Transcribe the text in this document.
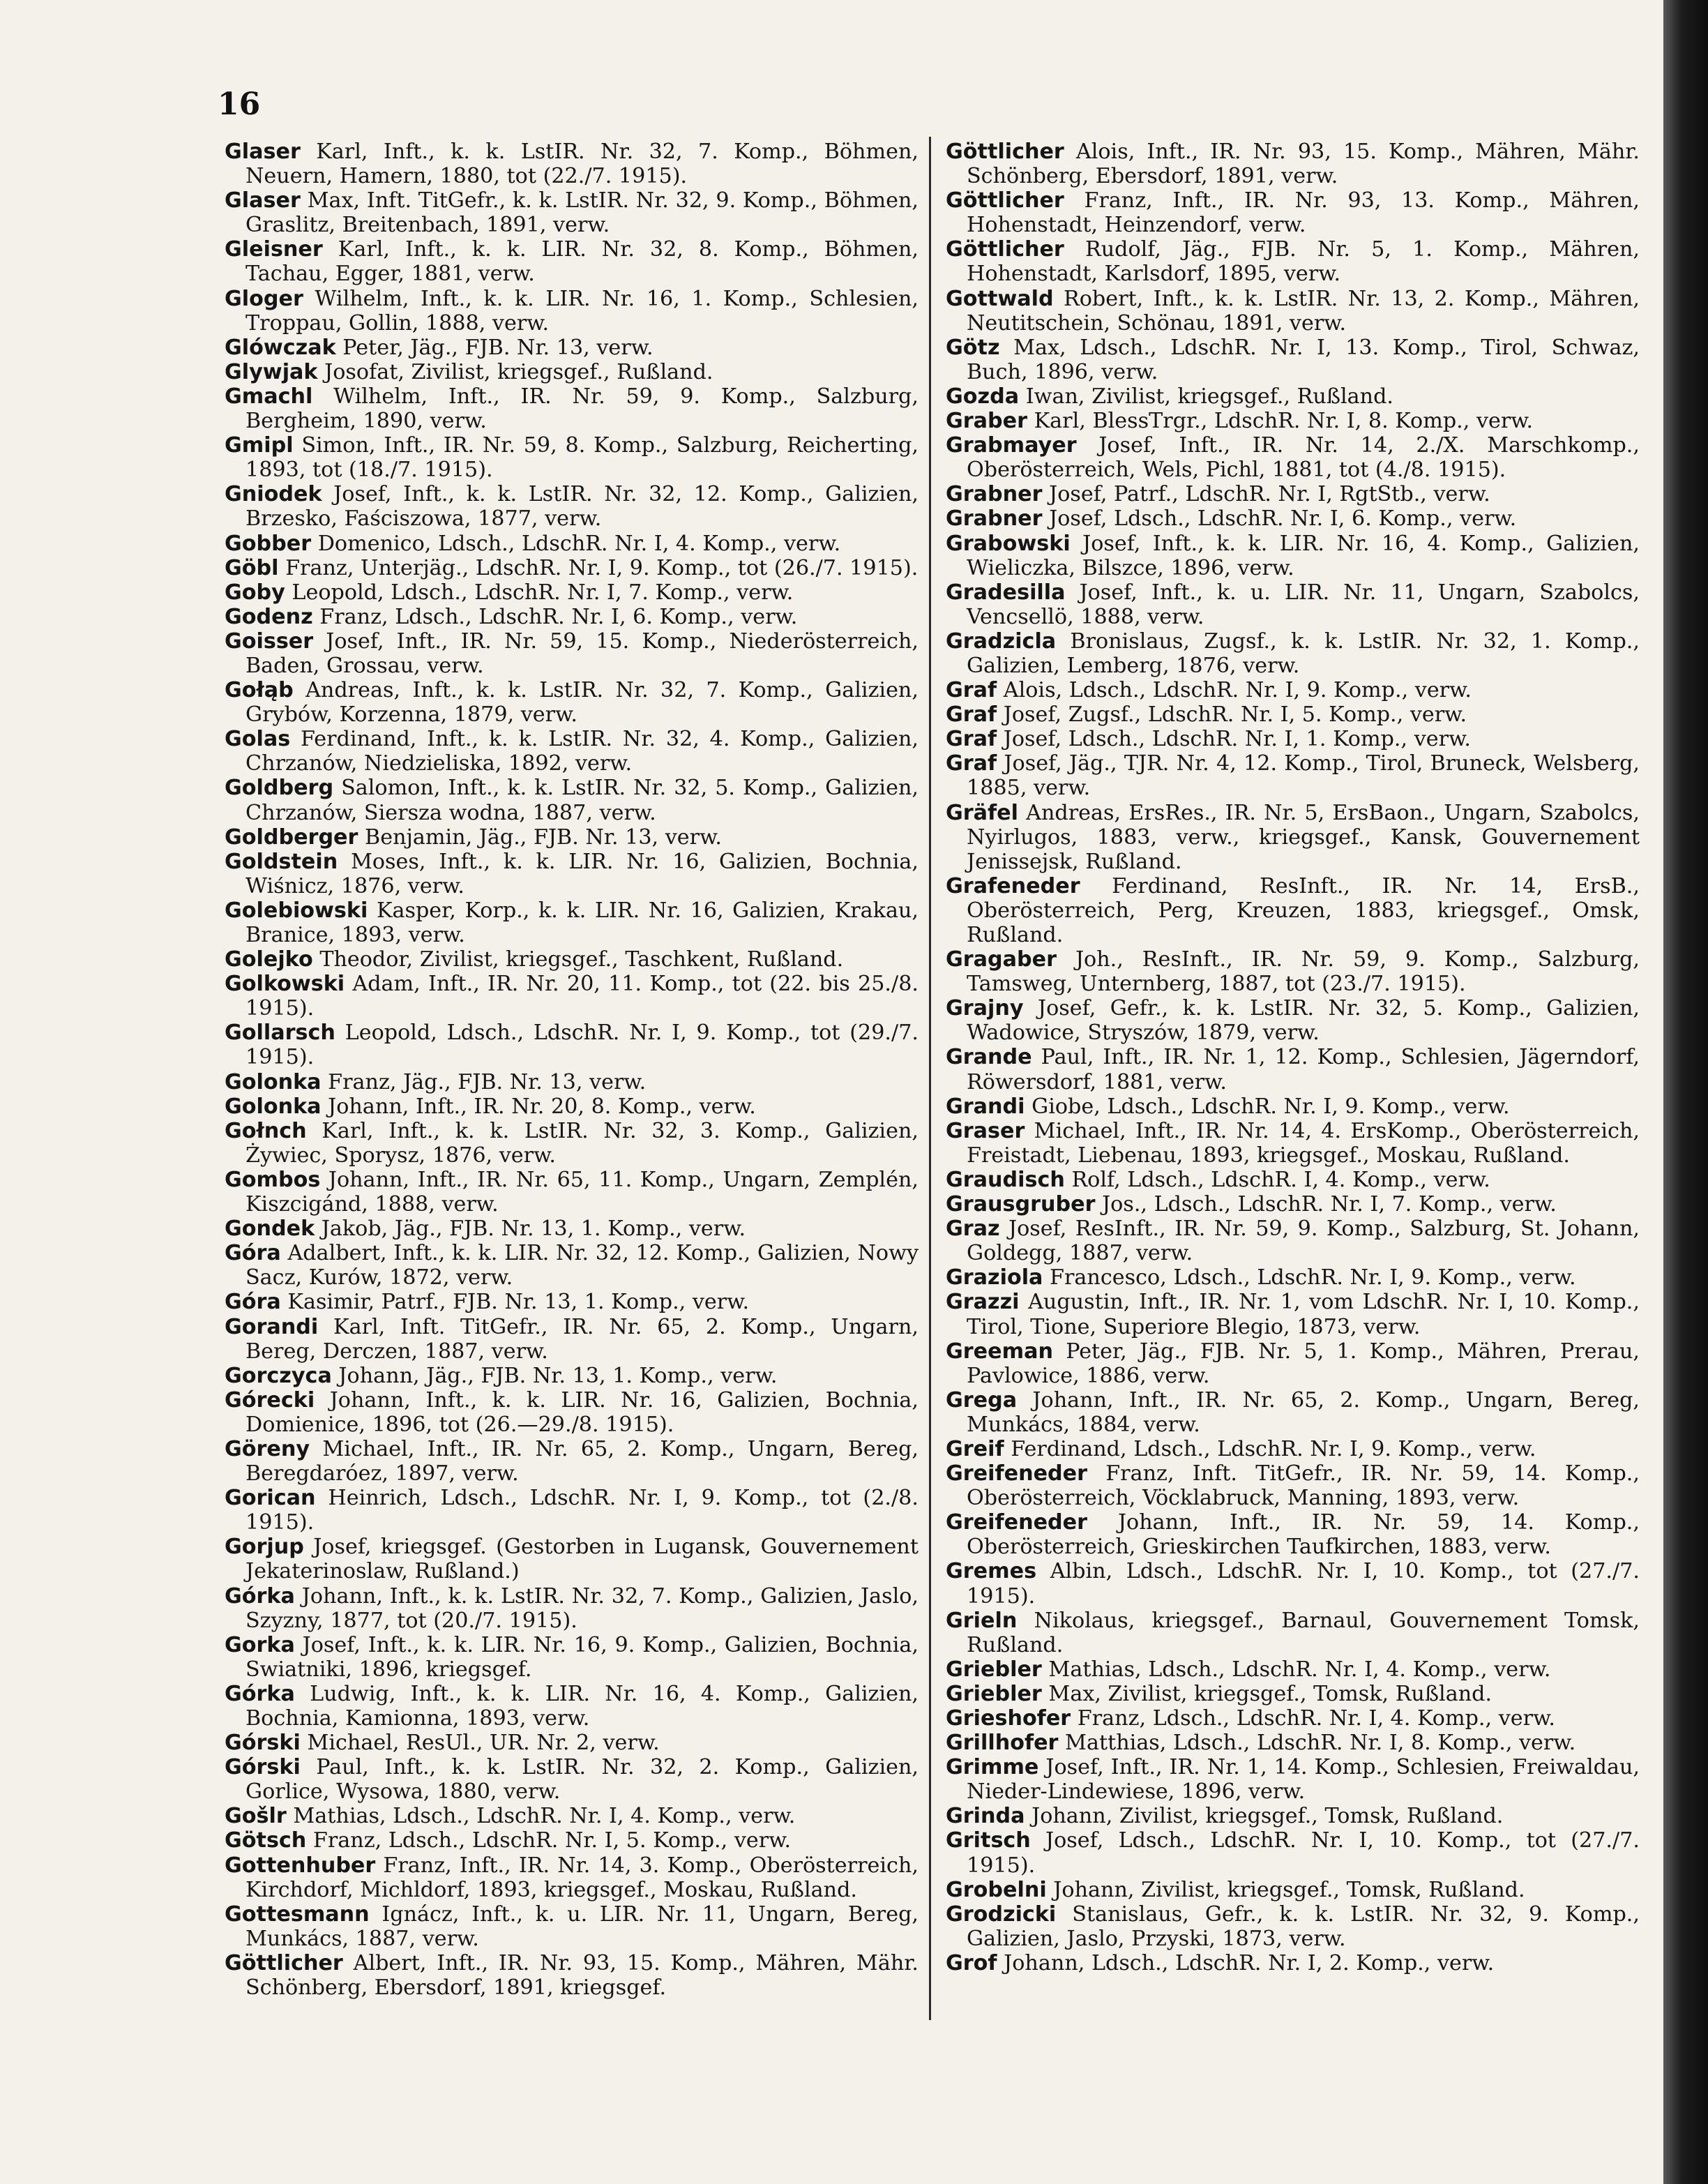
16

Glaser Karl, Inft., k. k. LstIR. Nr. 32, 7. Komp., Böhmen, Neuern, Hamern, 1880, tot (22./7. 1915).

Glaser Max, Inft. TitGefr., k. k. LstIR. Nr. 32, 9. Komp., Böhmen, Graslitz, Breitenbach, 1891, verw.

Gleisner Karl, Inft., k. k. LIR. Nr. 32, 8. Komp., Böhmen, Tachau, Egger, 1881, verw.

Gloger Wilhelm, Inft., k. k. LIR. Nr. 16, 1. Komp., Schlesien, Troppau, Gollin, 1888, verw.

Glówczak Peter, Jäg., FJB. Nr. 13, verw.

Glywjak Josofat, Zivilist, kriegsgef., Rußland.

Gmachl Wilhelm, Inft., IR. Nr. 59, 9. Komp., Salzburg, Bergheim, 1890, verw.

Gmipl Simon, Inft., IR. Nr. 59, 8. Komp., Salzburg, Reicherting, 1893, tot (18./7. 1915).

Gniodek Josef, Inft., k. k. LstIR. Nr. 32, 12. Komp., Galizien, Brzesko, Faściszowa, 1877, verw.

Gobber Domenico, Ldsch., LdschR. Nr. I, 4. Komp., verw.

Göbl Franz, Unterjäg., LdschR. Nr. I, 9. Komp., tot (26./7. 1915).

Goby Leopold, Ldsch., LdschR. Nr. I, 7. Komp., verw.

Godenz Franz, Ldsch., LdschR. Nr. I, 6. Komp., verw.

Goisser Josef, Inft., IR. Nr. 59, 15. Komp., Niederösterreich, Baden, Grossau, verw.

Gołąb Andreas, Inft., k. k. LstIR. Nr. 32, 7. Komp., Galizien, Grybów, Korzenna, 1879, verw.

Golas Ferdinand, Inft., k. k. LstIR. Nr. 32, 4. Komp., Galizien, Chrzanów, Niedzieliska, 1892, verw.

Goldberg Salomon, Inft., k. k. LstIR. Nr. 32, 5. Komp., Galizien, Chrzanów, Siersza wodna, 1887, verw.

Goldberger Benjamin, Jäg., FJB. Nr. 13, verw.

Goldstein Moses, Inft., k. k. LIR. Nr. 16, Galizien, Bochnia, Wiśnicz, 1876, verw.

Golebiowski Kasper, Korp., k. k. LIR. Nr. 16, Galizien, Krakau, Branice, 1893, verw.

Golejko Theodor, Zivilist, kriegsgef., Taschkent, Rußland.

Golkowski Adam, Inft., IR. Nr. 20, 11. Komp., tot (22. bis 25./8. 1915).

Gollarsch Leopold, Ldsch., LdschR. Nr. I, 9. Komp., tot (29./7. 1915).

Golonka Franz, Jäg., FJB. Nr. 13, verw.

Golonka Johann, Inft., IR. Nr. 20, 8. Komp., verw.

Gołnch Karl, Inft., k. k. LstIR. Nr. 32, 3. Komp., Galizien, Żywiec, Sporysz, 1876, verw.

Gombos Johann, Inft., IR. Nr. 65, 11. Komp., Ungarn, Zemplén, Kiszcigánd, 1888, verw.

Gondek Jakob, Jäg., FJB. Nr. 13, 1. Komp., verw.

Góra Adalbert, Inft., k. k. LIR. Nr. 32, 12. Komp., Galizien, Nowy Sacz, Kurów, 1872, verw.

Góra Kasimir, Patrf., FJB. Nr. 13, 1. Komp., verw.

Gorandi Karl, Inft. TitGefr., IR. Nr. 65, 2. Komp., Ungarn, Bereg, Derczen, 1887, verw.

Gorczyca Johann, Jäg., FJB. Nr. 13, 1. Komp., verw.

Górecki Johann, Inft., k. k. LIR. Nr. 16, Galizien, Bochnia, Domienice, 1896, tot (26.—29./8. 1915).

Göreny Michael, Inft., IR. Nr. 65, 2. Komp., Ungarn, Bereg, Beregdaróez, 1897, verw.

Gorican Heinrich, Ldsch., LdschR. Nr. I, 9. Komp., tot (2./8. 1915).

Gorjup Josef, kriegsgef. (Gestorben in Lugansk, Gouvernement Jekaterinoslaw, Rußland.)

Górka Johann, Inft., k. k. LstIR. Nr. 32, 7. Komp., Galizien, Jaslo, Szyzny, 1877, tot (20./7. 1915).

Gorka Josef, Inft., k. k. LIR. Nr. 16, 9. Komp., Galizien, Bochnia, Swiatniki, 1896, kriegsgef.

Górka Ludwig, Inft., k. k. LIR. Nr. 16, 4. Komp., Galizien, Bochnia, Kamionna, 1893, verw.

Górski Michael, ResUl., UR. Nr. 2, verw.

Górski Paul, Inft., k. k. LstIR. Nr. 32, 2. Komp., Galizien, Gorlice, Wysowa, 1880, verw.

Gošlr Mathias, Ldsch., LdschR. Nr. I, 4. Komp., verw.

Götsch Franz, Ldsch., LdschR. Nr. I, 5. Komp., verw.

Gottenhuber Franz, Inft., IR. Nr. 14, 3. Komp., Oberösterreich, Kirchdorf, Michldorf, 1893, kriegsgef., Moskau, Rußland.

Gottesmann Ignácz, Inft., k. u. LIR. Nr. 11, Ungarn, Bereg, Munkács, 1887, verw.

Göttlicher Albert, Inft., IR. Nr. 93, 15. Komp., Mähren, Mähr. Schönberg, Ebersdorf, 1891, kriegsgef.

Göttlicher Alois, Inft., IR. Nr. 93, 15. Komp., Mähren, Mähr. Schönberg, Ebersdorf, 1891, verw.

Göttlicher Franz, Inft., IR. Nr. 93, 13. Komp., Mähren, Hohenstadt, Heinzendorf, verw.

Göttlicher Rudolf, Jäg., FJB. Nr. 5, 1. Komp., Mähren, Hohenstadt, Karlsdorf, 1895, verw.

Gottwald Robert, Inft., k. k. LstIR. Nr. 13, 2. Komp., Mähren, Neutitschein, Schönau, 1891, verw.

Götz Max, Ldsch., LdschR. Nr. I, 13. Komp., Tirol, Schwaz, Buch, 1896, verw.

Gozda Iwan, Zivilist, kriegsgef., Rußland.

Graber Karl, BlessTrgr., LdschR. Nr. I, 8. Komp., verw.

Grabmayer Josef, Inft., IR. Nr. 14, 2./X. Marschkomp., Oberösterreich, Wels, Pichl, 1881, tot (4./8. 1915).

Grabner Josef, Patrf., LdschR. Nr. I, RgtStb., verw.

Grabner Josef, Ldsch., LdschR. Nr. I, 6. Komp., verw.

Grabowski Josef, Inft., k. k. LIR. Nr. 16, 4. Komp., Galizien, Wieliczka, Bilszce, 1896, verw.

Gradesilla Josef, Inft., k. u. LIR. Nr. 11, Ungarn, Szabolcs, Vencsellö, 1888, verw.

Gradzicla Bronislaus, Zugsf., k. k. LstIR. Nr. 32, 1. Komp., Galizien, Lemberg, 1876, verw.

Graf Alois, Ldsch., LdschR. Nr. I, 9. Komp., verw.

Graf Josef, Zugsf., LdschR. Nr. I, 5. Komp., verw.

Graf Josef, Ldsch., LdschR. Nr. I, 1. Komp., verw.

Graf Josef, Jäg., TJR. Nr. 4, 12. Komp., Tirol, Bruneck, Welsberg, 1885, verw.

Gräfel Andreas, ErsRes., IR. Nr. 5, ErsBaon., Ungarn, Szabolcs, Nyirlugos, 1883, verw., kriegsgef., Kansk, Gouvernement Jenissejsk, Rußland.

Grafeneder Ferdinand, ResInft., IR. Nr. 14, ErsB., Oberösterreich, Perg, Kreuzen, 1883, kriegsgef., Omsk, Rußland.

Gragaber Joh., ResInft., IR. Nr. 59, 9. Komp., Salzburg, Tamsweg, Unternberg, 1887, tot (23./7. 1915).

Grajny Josef, Gefr., k. k. LstIR. Nr. 32, 5. Komp., Galizien, Wadowice, Stryszów, 1879, verw.

Grande Paul, Inft., IR. Nr. 1, 12. Komp., Schlesien, Jägerndorf, Röwersdorf, 1881, verw.

Grandi Giobe, Ldsch., LdschR. Nr. I, 9. Komp., verw.

Graser Michael, Inft., IR. Nr. 14, 4. ErsKomp., Oberösterreich, Freistadt, Liebenau, 1893, kriegsgef., Moskau, Rußland.

Graudisch Rolf, Ldsch., LdschR. I, 4. Komp., verw.

Grausgruber Jos., Ldsch., LdschR. Nr. I, 7. Komp., verw.

Graz Josef, ResInft., IR. Nr. 59, 9. Komp., Salzburg, St. Johann, Goldegg, 1887, verw.

Graziola Francesco, Ldsch., LdschR. Nr. I, 9. Komp., verw.

Grazzi Augustin, Inft., IR. Nr. 1, vom LdschR. Nr. I, 10. Komp., Tirol, Tione, Superiore Blegio, 1873, verw.

Greeman Peter, Jäg., FJB. Nr. 5, 1. Komp., Mähren, Prerau, Pavlowice, 1886, verw.

Grega Johann, Inft., IR. Nr. 65, 2. Komp., Ungarn, Bereg, Munkács, 1884, verw.

Greif Ferdinand, Ldsch., LdschR. Nr. I, 9. Komp., verw.

Greifeneder Franz, Inft. TitGefr., IR. Nr. 59, 14. Komp., Oberösterreich, Vöcklabruck, Manning, 1893, verw.

Greifeneder Johann, Inft., IR. Nr. 59, 14. Komp., Oberösterreich, Grieskirchen Taufkirchen, 1883, verw.

Gremes Albin, Ldsch., LdschR. Nr. I, 10. Komp., tot (27./7. 1915).

Grieln Nikolaus, kriegsgef., Barnaul, Gouvernement Tomsk, Rußland.

Griebler Mathias, Ldsch., LdschR. Nr. I, 4. Komp., verw.

Griebler Max, Zivilist, kriegsgef., Tomsk, Rußland.

Grieshofer Franz, Ldsch., LdschR. Nr. I, 4. Komp., verw.

Grillhofer Matthias, Ldsch., LdschR. Nr. I, 8. Komp., verw.

Grimme Josef, Inft., IR. Nr. 1, 14. Komp., Schlesien, Freiwaldau, Nieder-Lindewiese, 1896, verw.

Grinda Johann, Zivilist, kriegsgef., Tomsk, Rußland.

Gritsch Josef, Ldsch., LdschR. Nr. I, 10. Komp., tot (27./7. 1915).

Grobelni Johann, Zivilist, kriegsgef., Tomsk, Rußland.

Grodzicki Stanislaus, Gefr., k. k. LstIR. Nr. 32, 9. Komp., Galizien, Jaslo, Przyski, 1873, verw.

Grof Johann, Ldsch., LdschR. Nr. I, 2. Komp., verw.
